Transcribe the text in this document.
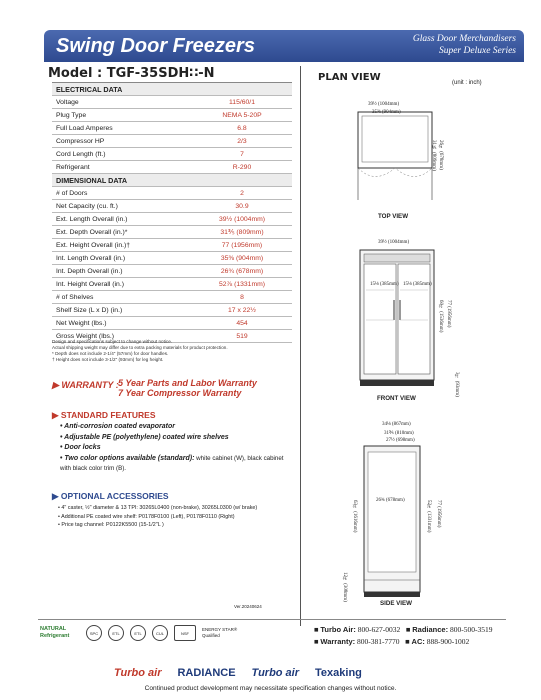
Swing Door Freezers	Glass Door Merchandisers
Super Deluxe Series
Model : TGF-35SDH∷-N
ELECTRICAL DATA	
Voltage	115/60/1
Plug Type	NEMA 5-20P
Full Load Amperes	6.8
Compressor HP	2/3
Cord Length (ft.)	7
Refrigerant	R-290
DIMENSIONAL DATA	
# of Doors	2
Net Capacity (cu. ft.)	30.9
Ext. Length Overall (in.)	39½ (1004mm)
Ext. Depth Overall (in.)*	31⅗ (809mm)
Ext. Height Overall (in.)†	77 (1956mm)
Int. Length Overall (in.)	35⅜ (904mm)
Int. Depth Overall (in.)	26¾ (678mm)
Int. Height Overall (in.)	52⅞ (1331mm)
# of Shelves	8
Shelf Size (L x D) (in.)	17 x 22½
Net Weight (lbs.)	454
Gross Weight (lbs.)	519
Design and specifications subject to change without notice.
Actual shipping weight may differ due to extra packing materials for product protection.
* Depth does not include 2-1/4" (57mm) for door handles.
† Height does not include 3-1/2" (93mm) for leg height.
▶ WARRANTY : 5 Year Parts and Labor Warranty
7 Year Compressor Warranty
▶ STANDARD FEATURES
• Anti-corrosion coated evaporator
• Adjustable PE (polyethylene) coated wire shelves
• Door locks
• Two color options available (standard): white cabinet (W), black cabinet with black color trim (B).
▶ OPTIONAL ACCESSORIES
• 4" caster, ½" diameter & 13 TPI: 30265L0400 (non-brake), 30265L0300 (w/ brake)
• Additional PE coated wire shelf: P0178F0100 (Left), P0178F0110 (Right)
• Price tag channel: P0122K5500 (15-1/2"L )
Ver.20240624
PLAN VIEW	(unit : inch)
39½ (1004mm)
35⅜ (904mm)
31⅗ (809mm) 26¾ (678mm)
TOP VIEW
39½ (1004mm)
15⅛ (385mm) 15⅛ (385mm)
60½ (1536mm) 77 (1956mm)
3½ (93mm)
FRONT VIEW
34⅛ (867mm)
31⅗ (810mm)
27½ (698mm)
26¾ (678mm)
63⅔ (1616mm)	52⅞ (1331mm) 77 (1956mm)
12⅛ (308mm)
SIDE VIEW
NATURAL Refrigerant	SPC	ETL	ETL	CUL	NSF
ENERGY STAR® Qualified
■ Turbo Air: 800-627-0032   ■ Radiance: 800-500-3519
■ Warranty: 800-381-7770   ■ AC: 888-900-1002
Turbo air RADIANCE Turbo air Texaking
Continued product development may necessitate specification changes without notice.
